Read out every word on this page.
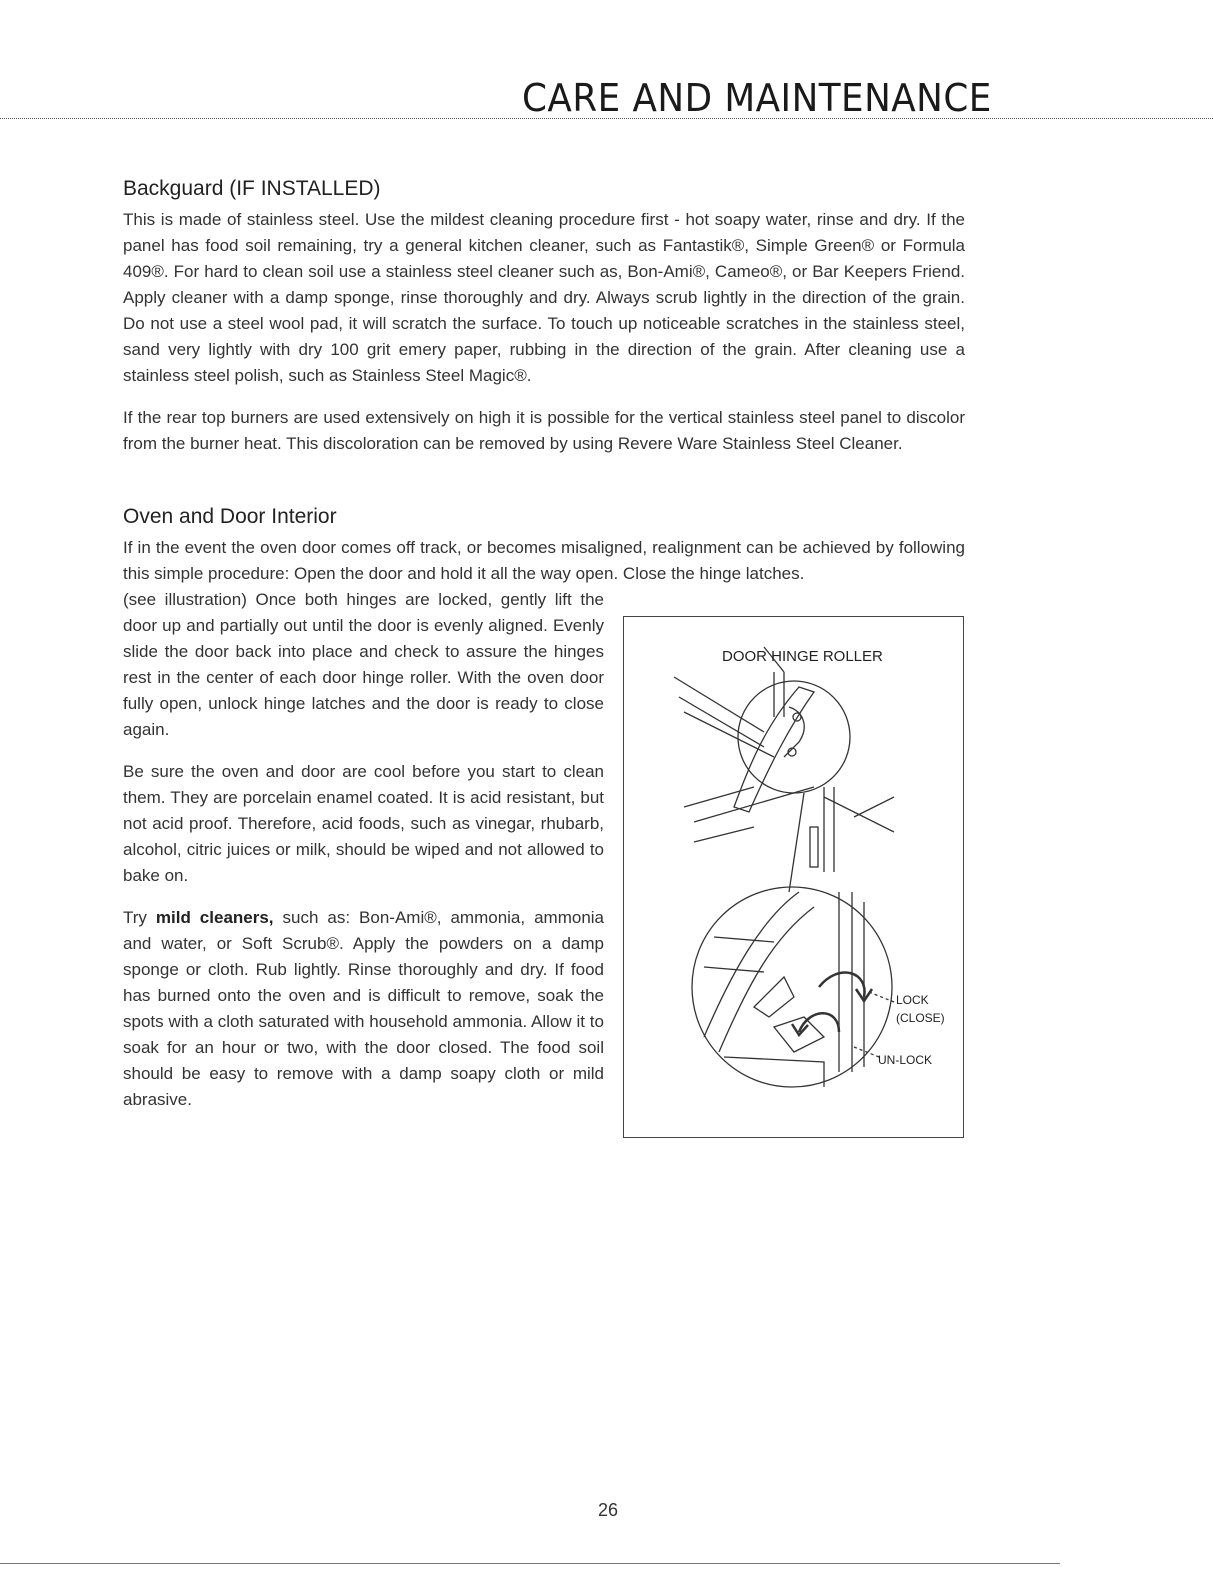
CARE AND MAINTENANCE
Backguard (IF INSTALLED)

This is made of stainless steel. Use the mildest cleaning procedure first - hot soapy water, rinse and dry. If the panel has food soil remaining, try a general kitchen cleaner, such as Fantastik®, Simple Green® or Formula 409®. For hard to clean soil use a stainless steel cleaner such as, Bon-Ami®, Cameo®, or Bar Keepers Friend. Apply cleaner with a damp sponge, rinse thoroughly and dry. Always scrub lightly in the direction of the grain. Do not use a steel wool pad, it will scratch the surface. To touch up noticeable scratches in the stainless steel, sand very lightly with dry 100 grit emery paper, rubbing in the direction of the grain. After cleaning use a stainless steel polish, such as Stainless Steel Magic®.

If the rear top burners are used extensively on high it is possible for the vertical stainless steel panel to discolor from the burner heat. This discoloration can be removed by using Revere Ware Stainless Steel Cleaner.

Oven and Door Interior

If in the event the oven door comes off track, or becomes misaligned, realignment can be achieved by following this simple procedure: Open the door and hold it all the way open. Close the hinge latches.

(see illustration) Once both hinges are locked, gently lift the door up and partially out until the door is evenly aligned. Evenly slide the door back into place and check to assure the hinges rest in the center of each door hinge roller. With the oven door fully open, unlock hinge latches and the door is ready to close again.

Be sure the oven and door are cool before you start to clean them. They are porcelain enamel coated. It is acid resistant, but not acid proof. Therefore, acid foods, such as vinegar, rhubarb, alcohol, citric juices or milk, should be wiped and not allowed to bake on.

Try mild cleaners, such as: Bon-Ami®, ammonia, ammonia and water, or Soft Scrub®. Apply the powders on a damp sponge or cloth. Rub lightly. Rinse thoroughly and dry. If food has burned onto the oven and is difficult to remove, soak the spots with a cloth saturated with household ammonia. Allow it to soak for an hour or two, with the door closed. The food soil should be easy to remove with a damp soapy cloth or mild abrasive.

DOOR HINGE ROLLER
LOCK
(CLOSE)
UN-LOCK
26
